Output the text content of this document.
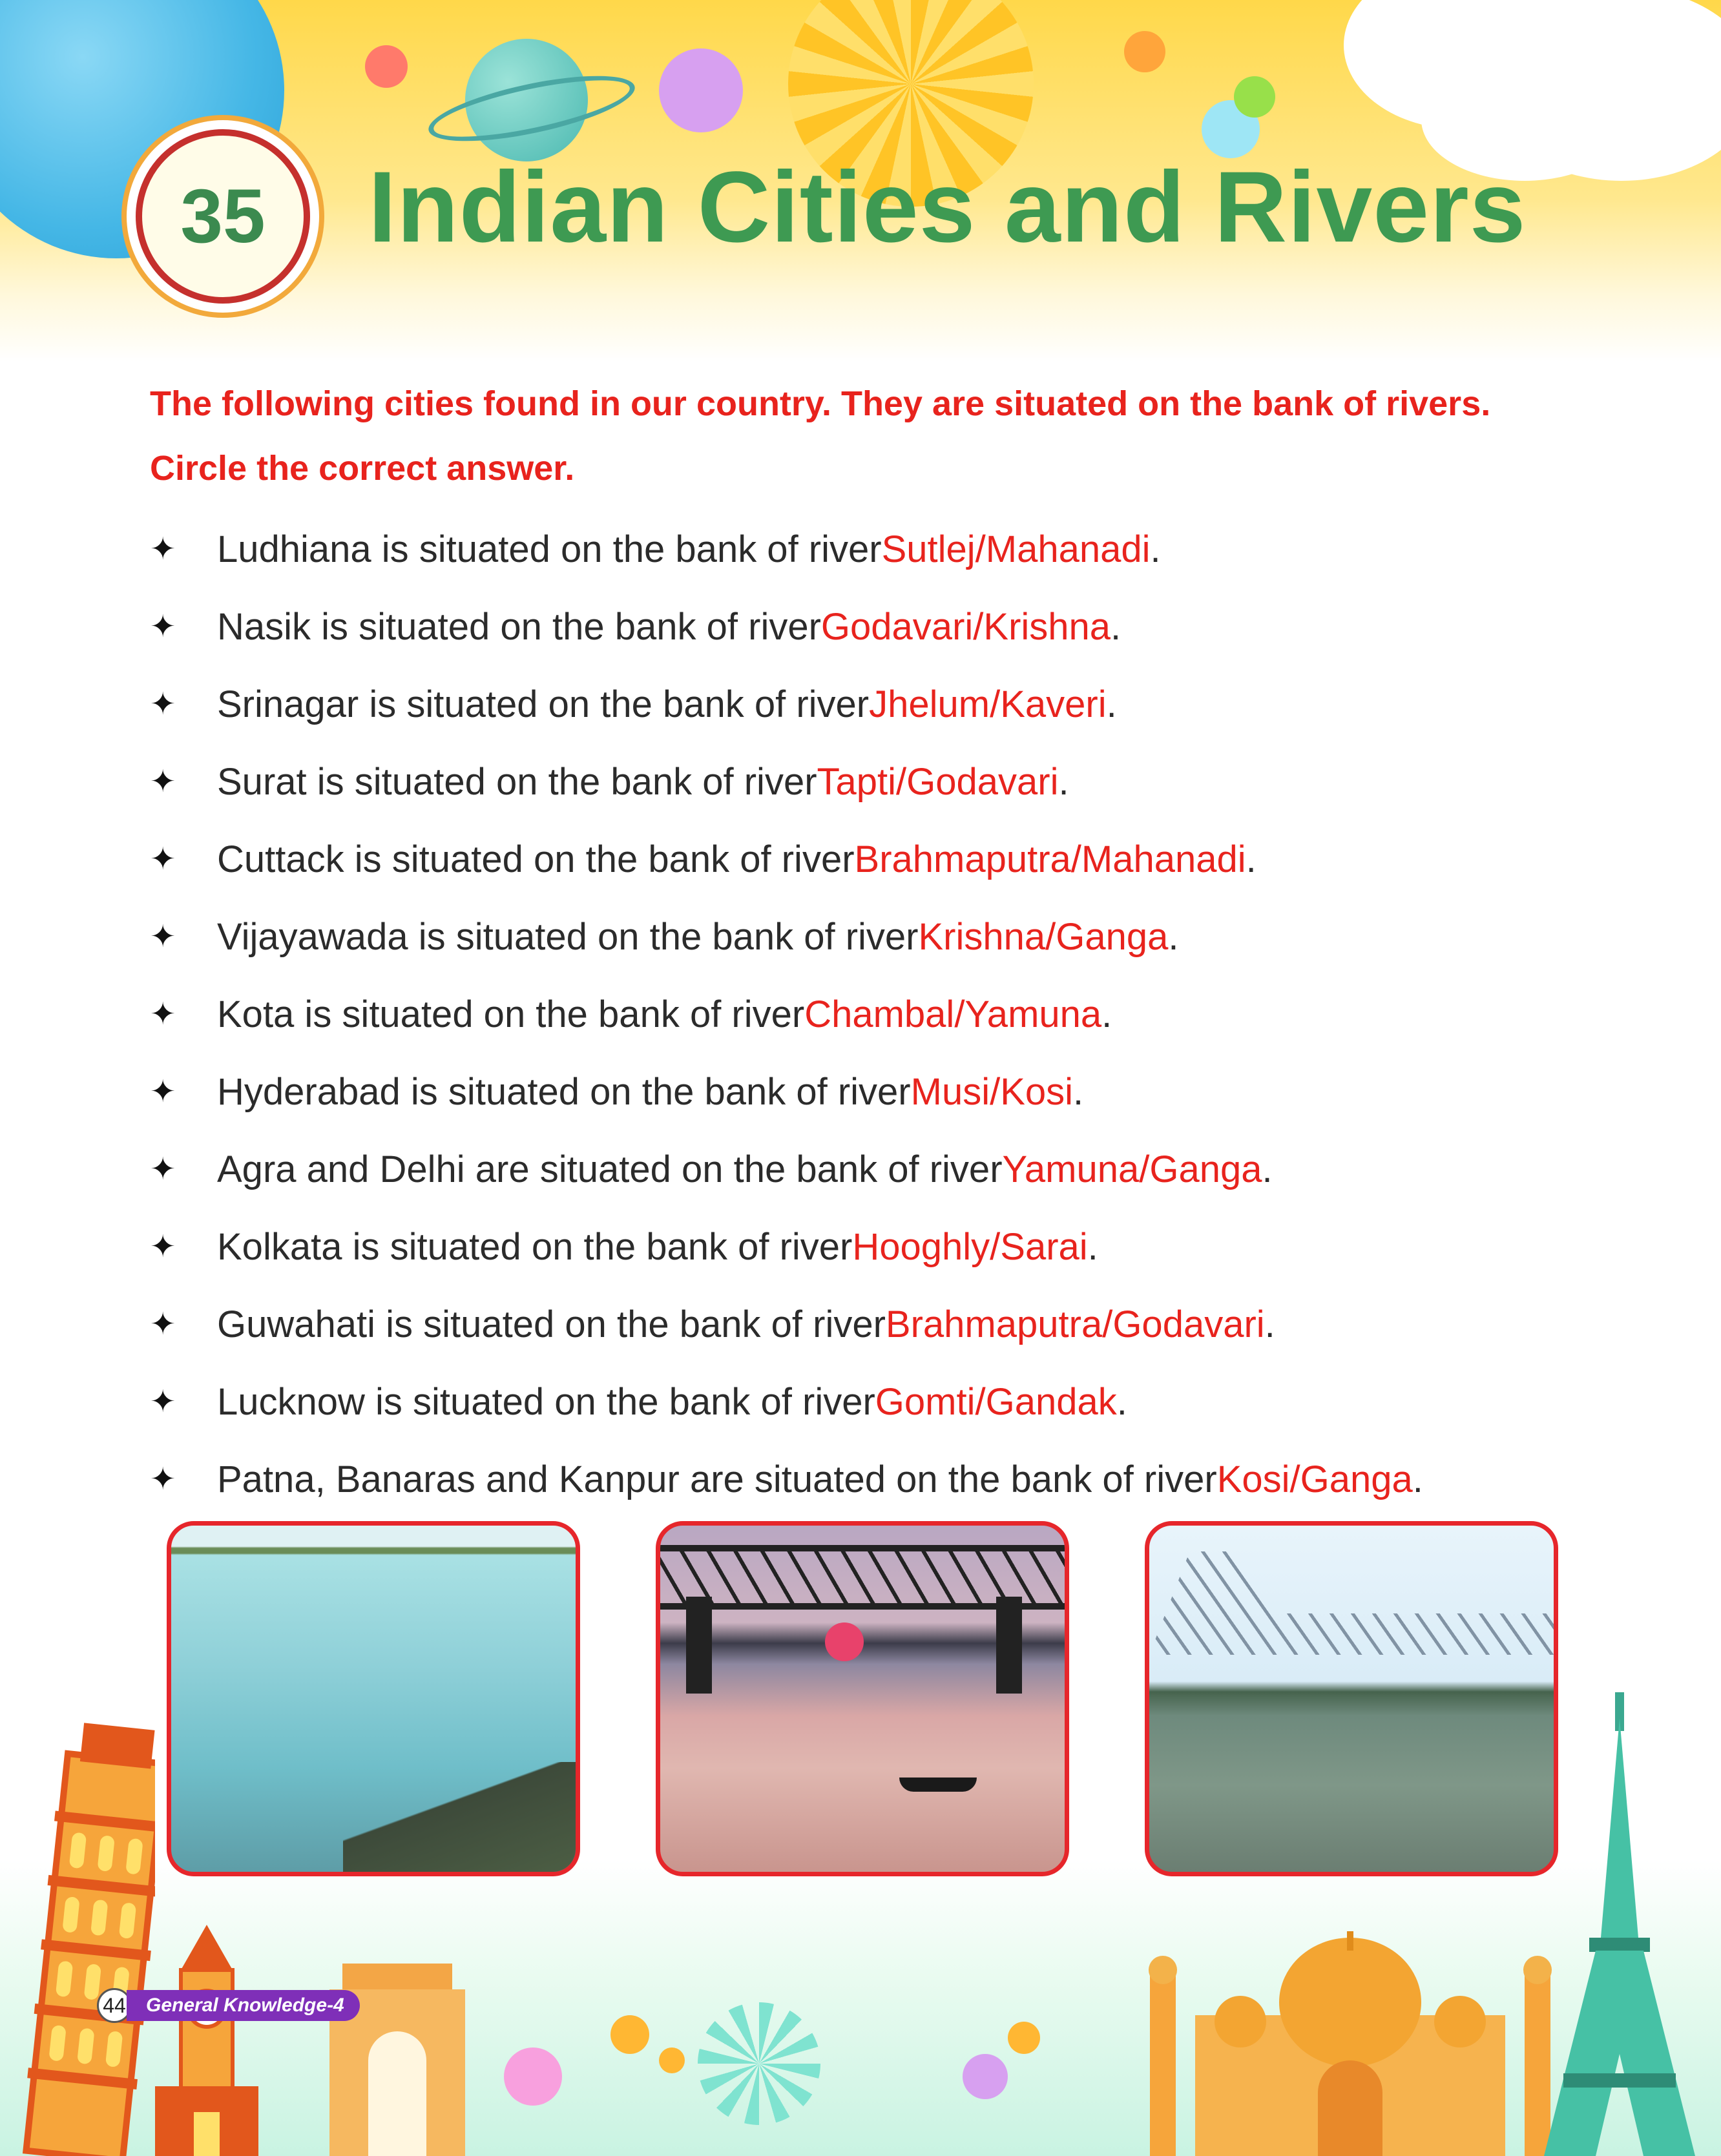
35 Indian Cities and Rivers
The following cities found in our country. They are situated on the bank of rivers.
Circle the correct answer.
✦	Ludhiana is situated on the bank of river Sutlej/Mahanadi .
✦	Nasik is situated on the bank of river Godavari/Krishna .
✦	Srinagar is situated on the bank of river Jhelum/Kaveri .
✦	Surat is situated on the bank of river Tapti/Godavari .
✦	Cuttack is situated on the bank of river Brahmaputra/Mahanadi .
✦	Vijayawada is situated on the bank of river Krishna/Ganga .
✦	Kota is situated on the bank of river Chambal/Yamuna .
✦	Hyderabad is situated on the bank of river Musi/Kosi .
✦	Agra and Delhi are situated on the bank of river Yamuna/Ganga .
✦	Kolkata is situated on the bank of river Hooghly/Sarai .
✦	Guwahati is situated on the bank of river Brahmaputra/Godavari .
✦	Lucknow is situated on the bank of river Gomti/Gandak .
✦	Patna, Banaras and Kanpur are situated on the bank of river Kosi/Ganga .
44	General Knowledge-4
